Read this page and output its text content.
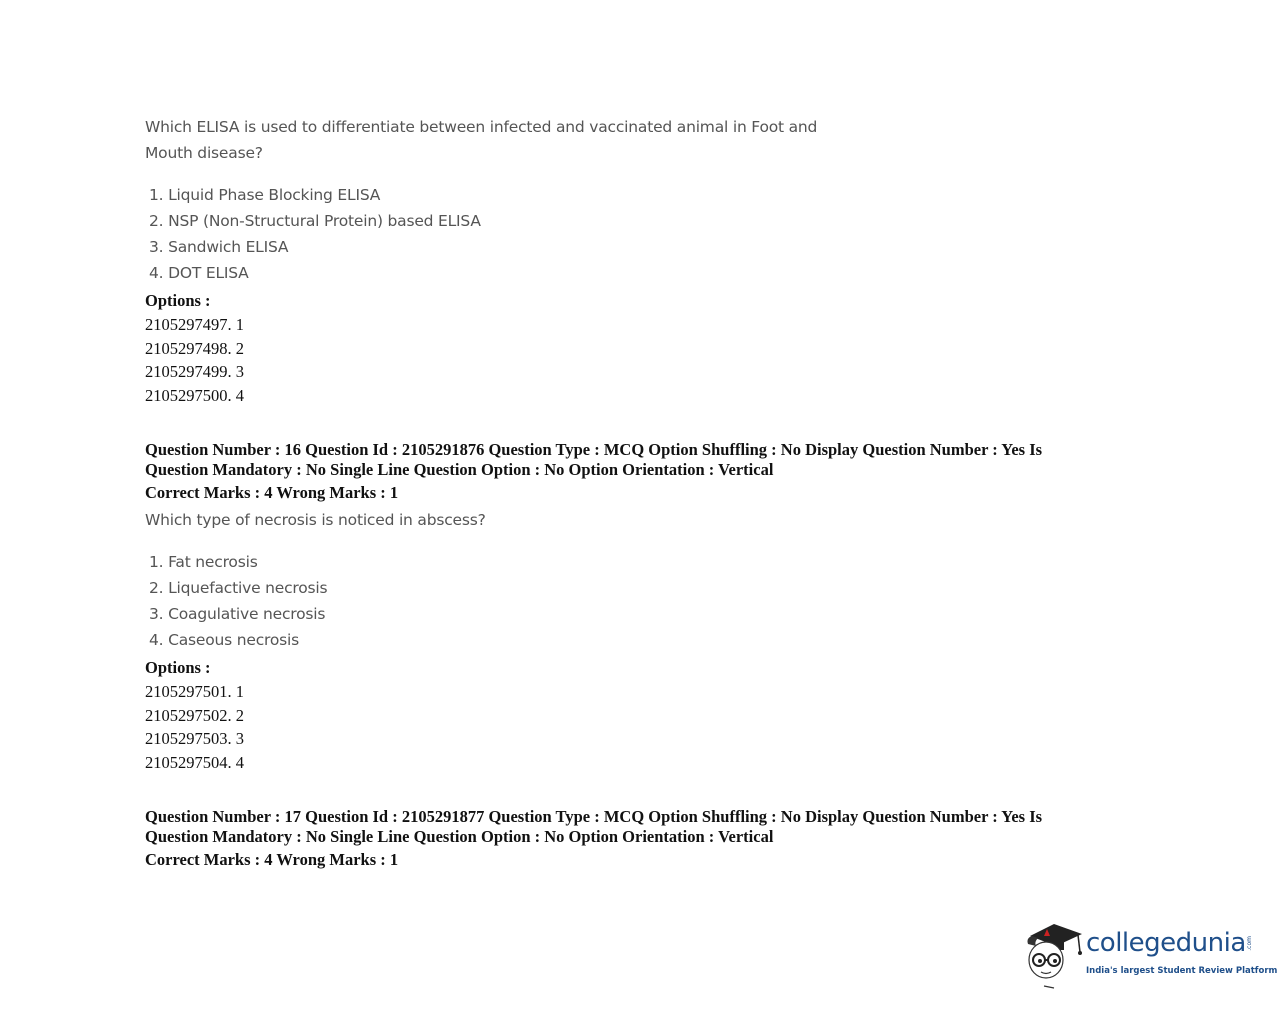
Which ELISA is used to differentiate between infected and vaccinated animal in Foot and
Mouth disease?
1. Liquid Phase Blocking ELISA
2. NSP (Non-Structural Protein) based ELISA
3. Sandwich ELISA
4. DOT ELISA
Options :
2105297497. 1
2105297498. 2
2105297499. 3
2105297500. 4
Question Number : 16 Question Id : 2105291876 Question Type : MCQ Option Shuffling : No Display Question Number : Yes Is
Question Mandatory : No Single Line Question Option : No Option Orientation : Vertical
Correct Marks : 4 Wrong Marks : 1
Which type of necrosis is noticed in abscess?
1. Fat necrosis
2. Liquefactive necrosis
3. Coagulative necrosis
4. Caseous necrosis
Options :
2105297501. 1
2105297502. 2
2105297503. 3
2105297504. 4
Question Number : 17 Question Id : 2105291877 Question Type : MCQ Option Shuffling : No Display Question Number : Yes Is
Question Mandatory : No Single Line Question Option : No Option Orientation : Vertical
Correct Marks : 4 Wrong Marks : 1
collegedunia .com
India's largest Student Review Platform
